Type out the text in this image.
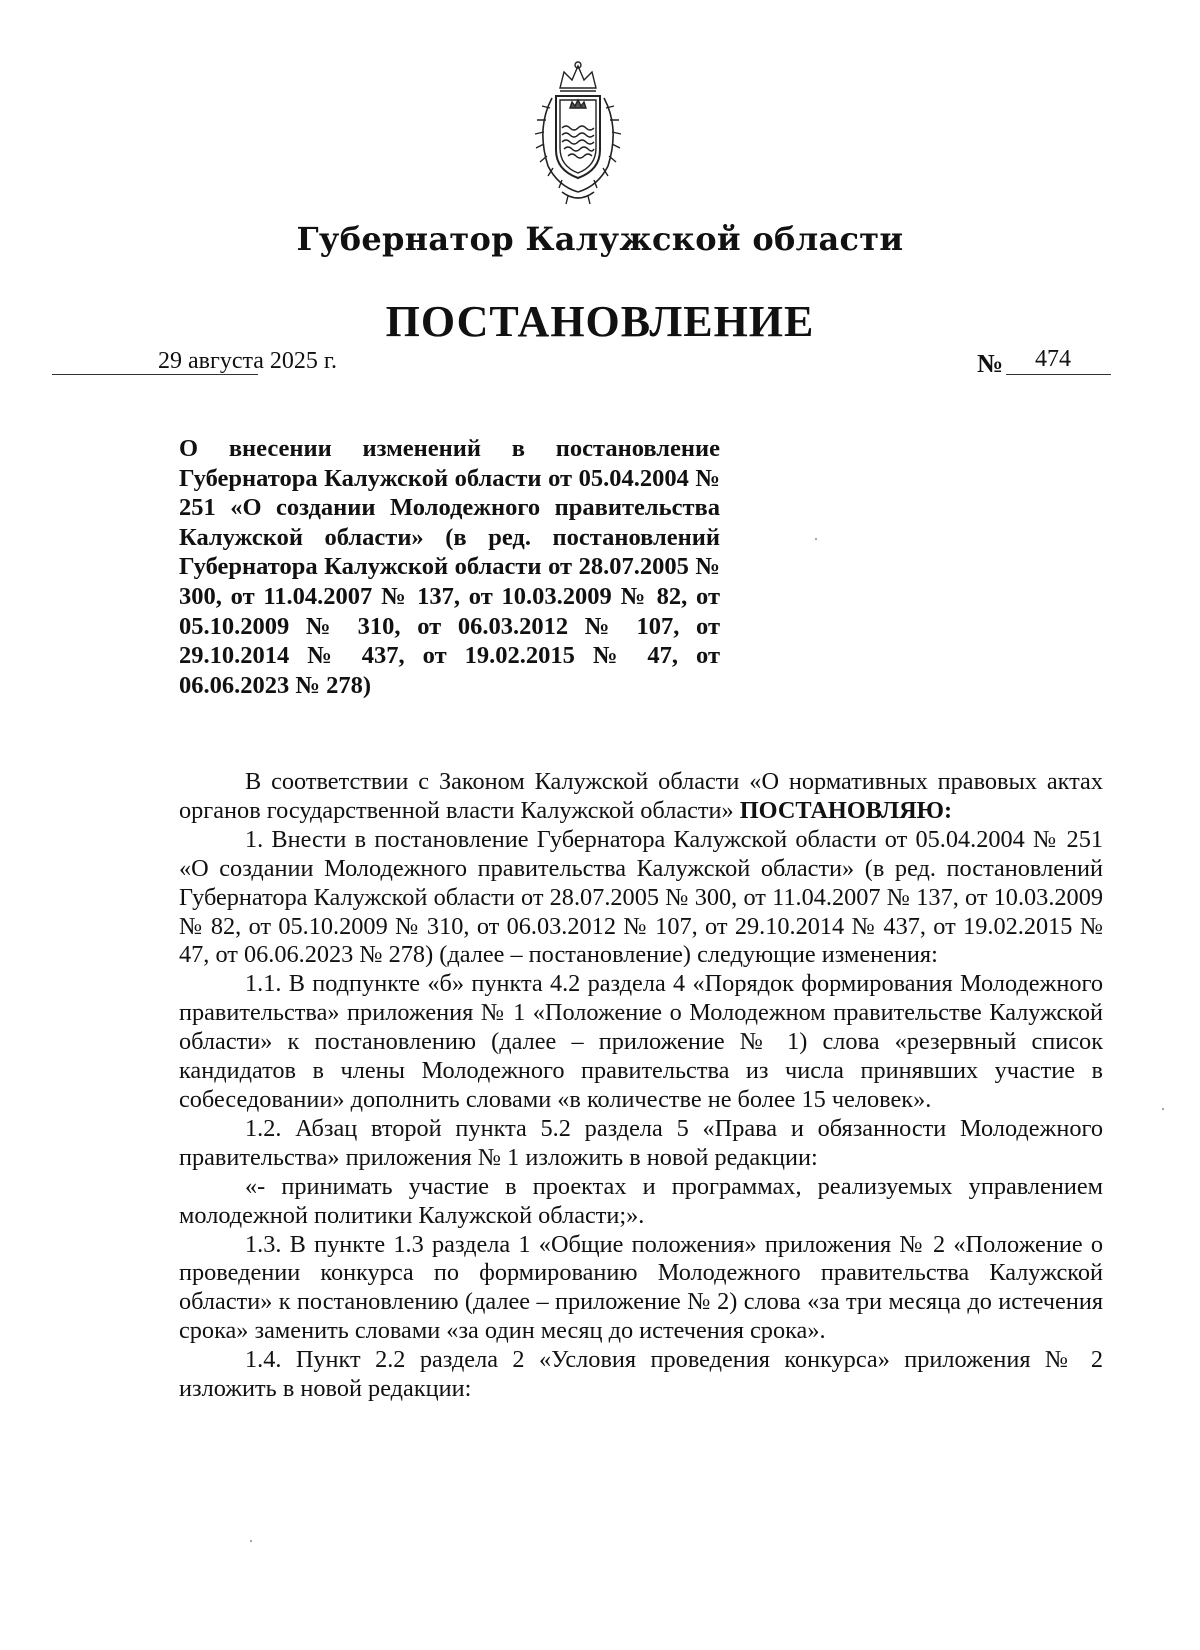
Губернатор Калужской области
ПОСТАНОВЛЕНИЕ
29 августа 2025 г.	№ 474
О внесении изменений в постановление Губернатора Калужской области от 05.04.2004 № 251 «О создании Молодежного правительства Калужской области» (в ред. постановлений Губернатора Калужской области от 28.07.2005 № 300, от 11.04.2007 № 137, от 10.03.2009 № 82, от 05.10.2009 № 310, от 06.03.2012 № 107, от 29.10.2014 № 437, от 19.02.2015 № 47, от 06.06.2023 № 278)

В соответствии с Законом Калужской области «О нормативных правовых актах органов государственной власти Калужской области» ПОСТАНОВЛЯЮ:

1. Внести в постановление Губернатора Калужской области от 05.04.2004 № 251 «О создании Молодежного правительства Калужской области» (в ред. постановлений Губернатора Калужской области от 28.07.2005 № 300, от 11.04.2007 № 137, от 10.03.2009 № 82, от 05.10.2009 № 310, от 06.03.2012 № 107, от 29.10.2014 № 437, от 19.02.2015 № 47, от 06.06.2023 № 278) (далее – постановление) следующие изменения:

1.1. В подпункте «б» пункта 4.2 раздела 4 «Порядок формирования Молодежного правительства» приложения № 1 «Положение о Молодежном правительстве Калужской области» к постановлению (далее – приложение № 1) слова «резервный список кандидатов в члены Молодежного правительства из числа принявших участие в собеседовании» дополнить словами «в количестве не более 15 человек».

1.2. Абзац второй пункта 5.2 раздела 5 «Права и обязанности Молодежного правительства» приложения № 1 изложить в новой редакции:

«- принимать участие в проектах и программах, реализуемых управлением молодежной политики Калужской области;».

1.3. В пункте 1.3 раздела 1 «Общие положения» приложения № 2 «Положение о проведении конкурса по формированию Молодежного правительства Калужской области» к постановлению (далее – приложение № 2) слова «за три месяца до истечения срока» заменить словами «за один месяц до истечения срока».

1.4. Пункт 2.2 раздела 2 «Условия проведения конкурса» приложения № 2 изложить в новой редакции:
